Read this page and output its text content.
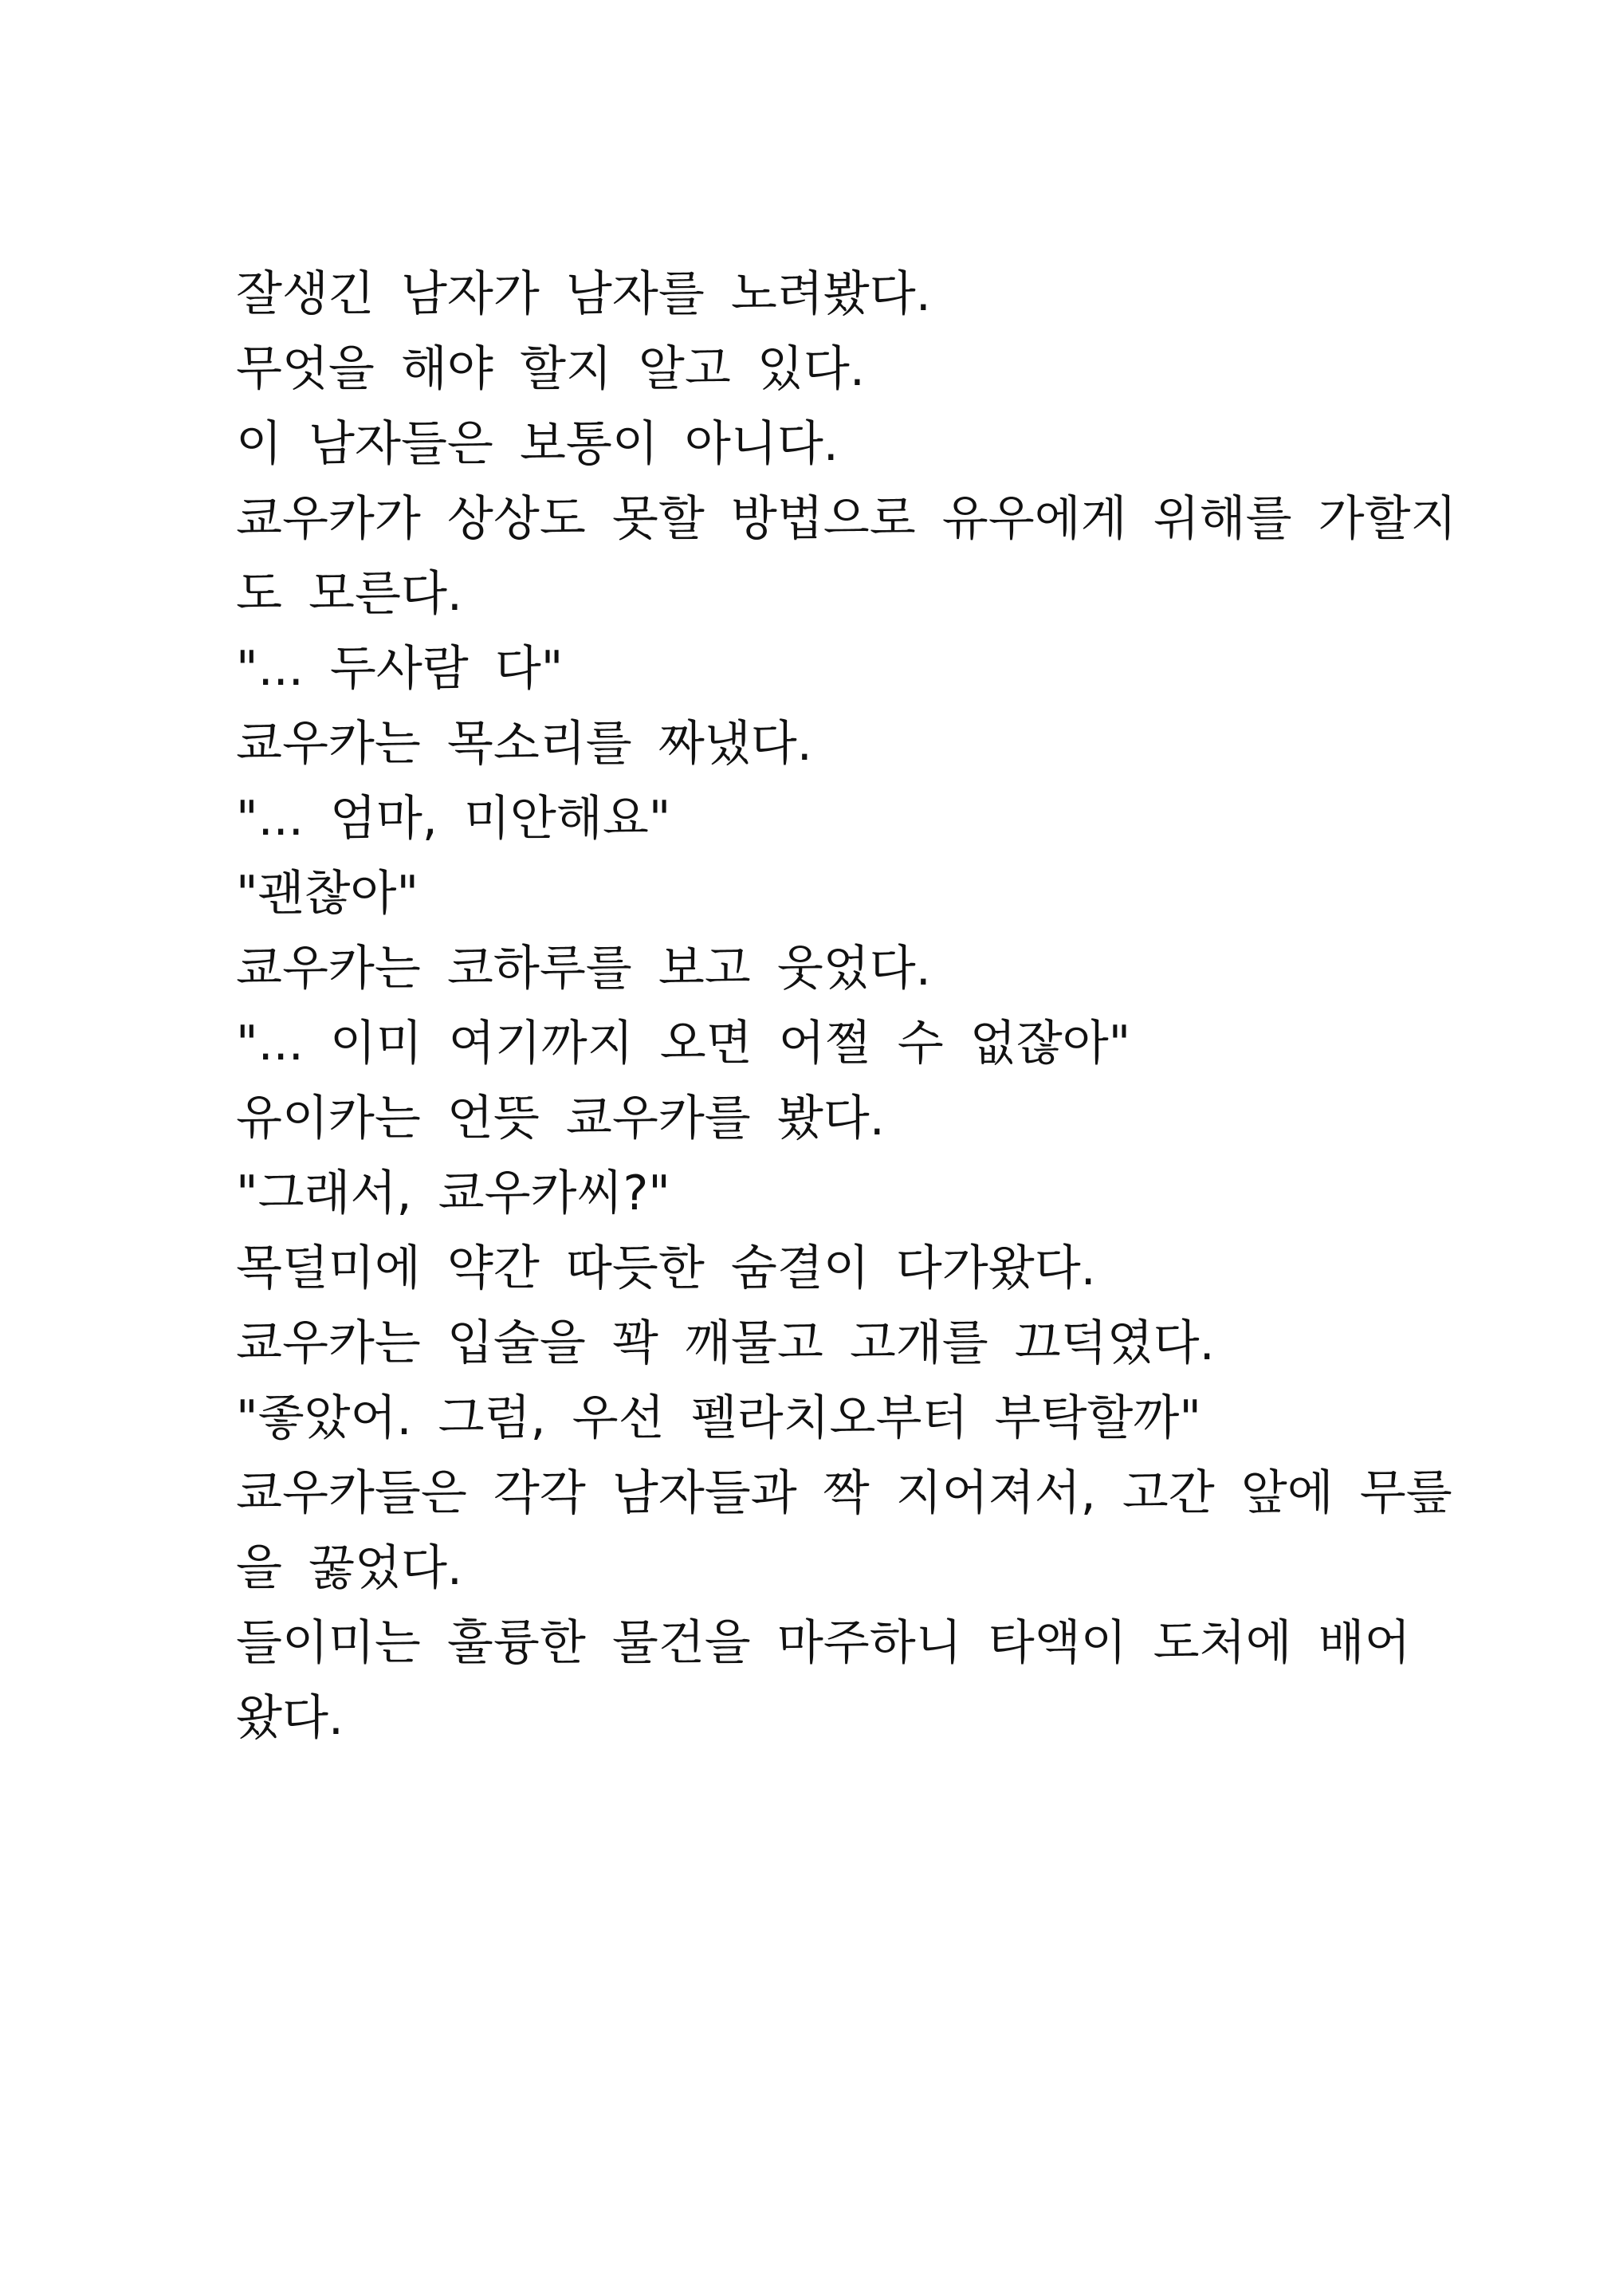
잘생긴 남자가 남자를 노려봤다.
무엇을 해야 할지 알고 있다.
이 남자들은 보통이 아니다.
쿄우카가 상상도 못할 방법으로 유우에게 위해를 가할지
도 모른다.
"... 두사람 다"
쿄우카는 목소리를 짜냈다.
"... 엄마, 미안해요"
"괜찮아"
쿄우카는 코하루를 보고 웃었다.
"... 이미 여기까지 오면 어쩔 수 없잖아"
유이카는 언뜻 쿄우카를 봤다.
"그래서, 쿄우카씨?"
목덜미에 약간 따듯한 숨결이 다가왔다.
쿄우카는 입술을 꽉 깨물고 고개를 끄덕였다.
"좋았어. 그럼, 우선 펠라치오부터 부탁할까"
쿄우카들은 각각 남자들과 짝 지어져서, 고간 앞에 무릎
을 꿇었다.
들이미는 훌륭한 물건을 마주하니 타액이 도처에 배어
왔다.
